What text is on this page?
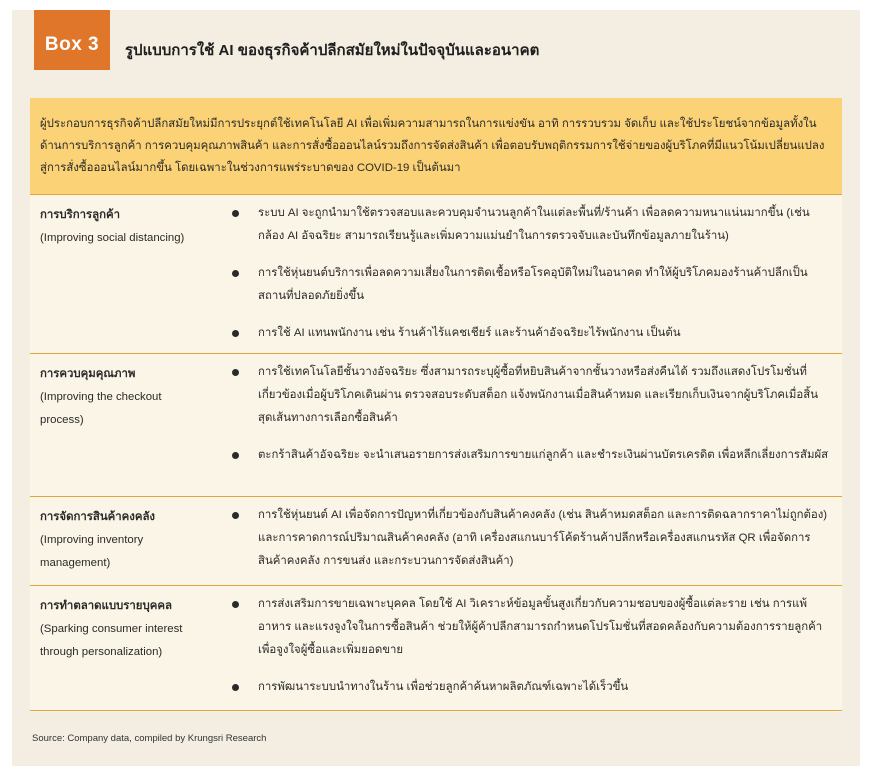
Box 3 รูปแบบการใช้ AI ของธุรกิจค้าปลีกสมัยใหม่ในปัจจุบันและอนาคต
ผู้ประกอบการธุรกิจค้าปลีกสมัยใหม่มีการประยุกต์ใช้เทคโนโลยี AI เพื่อเพิ่มความสามารถในการแข่งขัน อาทิ การรวบรวม จัดเก็บ และใช้ประโยชน์จากข้อมูลทั้งในด้านการบริการลูกค้า การควบคุมคุณภาพสินค้า และการสั่งซื้อออนไลน์รวมถึงการจัดส่งสินค้า เพื่อตอบรับพฤติกรรมการใช้จ่ายของผู้บริโภคที่มีแนวโน้มเปลี่ยนแปลงสู่การสั่งซื้อออนไลน์มากขึ้น โดยเฉพาะในช่วงการแพร่ระบาดของ COVID-19 เป็นต้นมา
การบริการลูกค้า
(Improving social distancing)
ระบบ AI จะถูกนำมาใช้ตรวจสอบและควบคุมจำนวนลูกค้าในแต่ละพื้นที่/ร้านค้า เพื่อลดความหนาแน่นมากขึ้น (เช่น กล้อง AI อัจฉริยะ สามารถเรียนรู้และเพิ่มความแม่นยำในการตรวจจับและบันทึกข้อมูลภายในร้าน)
การใช้หุ่นยนต์บริการเพื่อลดความเสี่ยงในการติดเชื้อหรือโรคอุบัติใหม่ในอนาคต ทำให้ผู้บริโภคมองร้านค้าปลีกเป็นสถานที่ปลอดภัยยิ่งขึ้น
การใช้ AI แทนพนักงาน เช่น ร้านค้าไร้แคชเชียร์ และร้านค้าอัจฉริยะไร้พนักงาน เป็นต้น
การควบคุมคุณภาพ
(Improving the checkout process)
การใช้เทคโนโลยีชั้นวางอัจฉริยะ ซึ่งสามารถระบุผู้ซื้อที่หยิบสินค้าจากชั้นวางหรือส่งคืนได้ รวมถึงแสดงโปรโมชั่นที่เกี่ยวข้องเมื่อผู้บริโภคเดินผ่าน ตรวจสอบระดับสต็อก แจ้งพนักงานเมื่อสินค้าหมด และเรียกเก็บเงินจากผู้บริโภคเมื่อสิ้นสุดเส้นทางการเลือกซื้อสินค้า
ตะกร้าสินค้าอัจฉริยะ จะนำเสนอรายการส่งเสริมการขายแก่ลูกค้า และชำระเงินผ่านบัตรเครดิต เพื่อหลีกเลี่ยงการสัมผัส
การจัดการสินค้าคงคลัง
(Improving inventory management)
การใช้หุ่นยนต์ AI เพื่อจัดการปัญหาที่เกี่ยวข้องกับสินค้าคงคลัง (เช่น สินค้าหมดสต็อก และการติดฉลากราคาไม่ถูกต้อง) และการคาดการณ์ปริมาณสินค้าคงคลัง (อาทิ เครื่องสแกนบาร์โค้ดร้านค้าปลีกหรือเครื่องสแกนรหัส QR เพื่อจัดการสินค้าคงคลัง การขนส่ง และกระบวนการจัดส่งสินค้า)
การทำตลาดแบบรายบุคคล
(Sparking consumer interest through personalization)
การส่งเสริมการขายเฉพาะบุคคล โดยใช้ AI วิเคราะห์ข้อมูลขั้นสูงเกี่ยวกับความชอบของผู้ซื้อแต่ละราย เช่น การแพ้อาหาร และแรงจูงใจในการซื้อสินค้า ช่วยให้ผู้ค้าปลีกสามารถกำหนดโปรโมชั่นที่สอดคล้องกับความต้องการรายลูกค้า เพื่อจูงใจผู้ซื้อและเพิ่มยอดขาย
การพัฒนาระบบนำทางในร้าน เพื่อช่วยลูกค้าค้นหาผลิตภัณฑ์เฉพาะได้เร็วขึ้น
Source: Company data, compiled by Krungsri Research
